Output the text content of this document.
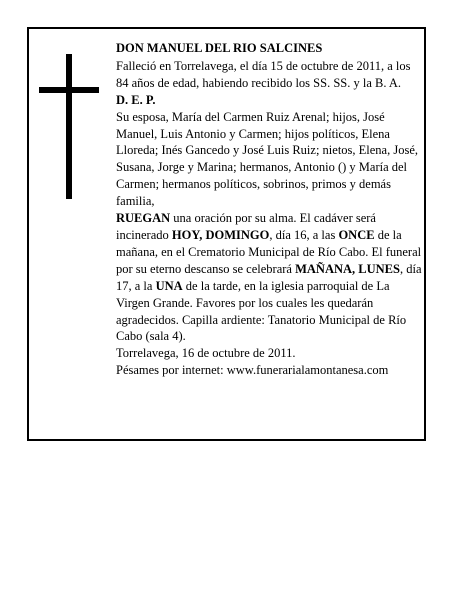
DON MANUEL DEL RIO SALCINES

Falleció en Torrelavega, el día 15 de octubre de 2011, a los 84 años de edad, habiendo recibido los SS. SS. y la B. A.

D. E. P.

Su esposa, María del Carmen Ruiz Arenal; hijos, José Manuel, Luis Antonio y Carmen; hijos políticos, Elena Lloreda; Inés Gancedo y José Luis Ruiz; nietos, Elena, José, Susana, Jorge y Marina; hermanos, Antonio () y María del Carmen; hermanos políticos, sobrinos, primos y demás familia,

RUEGAN una oración por su alma. El cadáver será incinerado HOY, DOMINGO, día 16, a las ONCE de la mañana, en el Crematorio Municipal de Río Cabo. El funeral por su eterno descanso se celebrará MAÑANA, LUNES, día 17, a la UNA de la tarde, en la iglesia parroquial de La Virgen Grande. Favores por los cuales les quedarán agradecidos. Capilla ardiente: Tanatorio Municipal de Río Cabo (sala 4).

Torrelavega, 16 de octubre de 2011.

Pésames por internet: www.funerarialamontanesa.com
